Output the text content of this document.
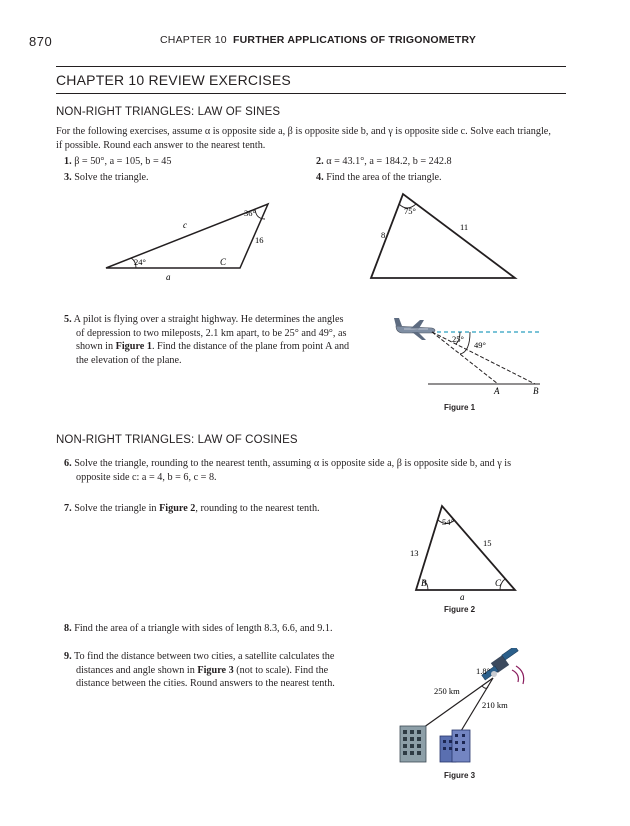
870	CHAPTER 10 FURTHER APPLICATIONS OF TRIGONOMETRY
CHAPTER 10 REVIEW EXERCISES
NON-RIGHT TRIANGLES: LAW OF SINES
For the following exercises, assume α is opposite side a, β is opposite side b, and γ is opposite side c. Solve each triangle,
if possible. Round each answer to the nearest tenth.
1. β = 50°, a = 105, b = 45	2. α = 43.1°, a = 184.2, b = 242.8
3. Solve the triangle.	4. Find the area of the triangle.
36°
24°
c
16
C
a
75°
8
11
5. A pilot is flying over a straight highway. He determines the angles
of depression to two mileposts, 2.1 km apart, to be 25° and 49°, as
shown in Figure 1. Find the distance of the plane from point A and
the elevation of the plane.
25°
49°
A	B
Figure 1
NON-RIGHT TRIANGLES: LAW OF COSINES
6. Solve the triangle, rounding to the nearest tenth, assuming α is opposite side a, β is opposite side b, and γ is
opposite side c: a = 4, b = 6, c = 8.
7. Solve the triangle in Figure 2, rounding to the nearest tenth.
54°
13
15
B	C
a
Figure 2
8. Find the area of a triangle with sides of length 8.3, 6.6, and 9.1.
9. To find the distance between two cities, a satellite calculates the
distances and angle shown in Figure 3 (not to scale). Find the
distance between the cities. Round answers to the nearest tenth.
1.8°
250 km
210 km
Figure 3
